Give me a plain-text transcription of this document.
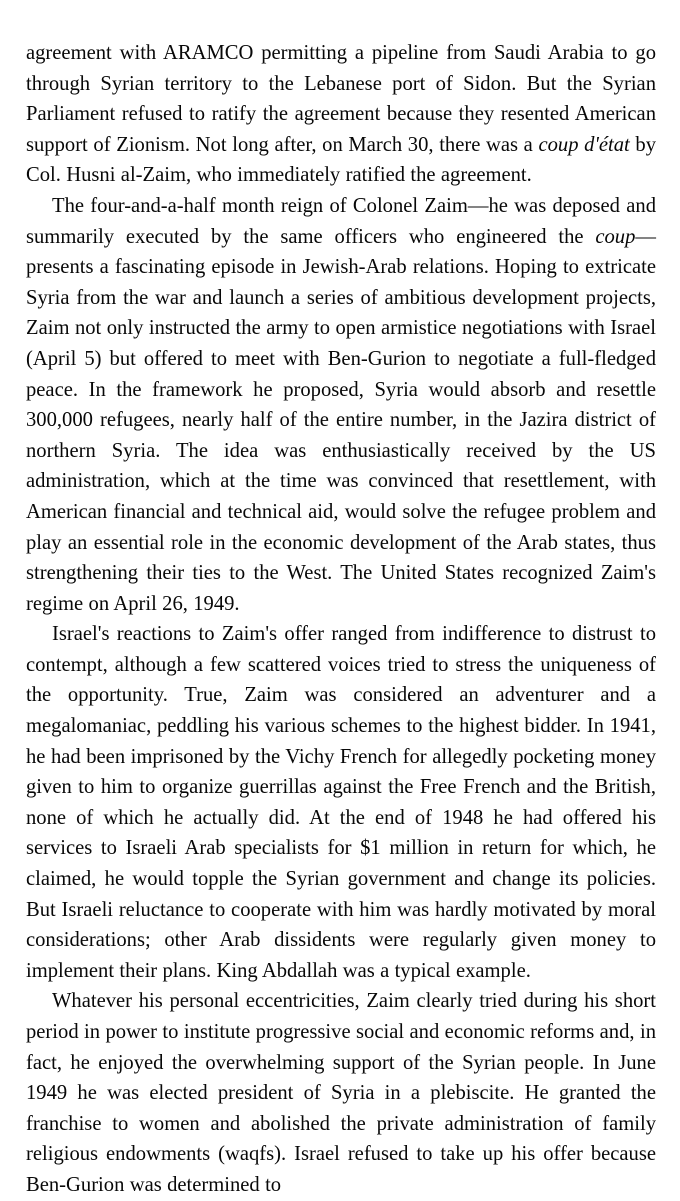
agreement with ARAMCO permitting a pipeline from Saudi Arabia to go through Syrian territory to the Lebanese port of Sidon. But the Syrian Parliament refused to ratify the agreement because they resented American support of Zionism. Not long after, on March 30, there was a coup d'état by Col. Husni al-Zaim, who immediately ratified the agreement.

The four-and-a-half month reign of Colonel Zaim—he was deposed and summarily executed by the same officers who engineered the coup—presents a fascinating episode in Jewish-Arab relations. Hoping to extricate Syria from the war and launch a series of ambitious development projects, Zaim not only instructed the army to open armistice negotiations with Israel (April 5) but offered to meet with Ben-Gurion to negotiate a full-fledged peace. In the framework he proposed, Syria would absorb and resettle 300,000 refugees, nearly half of the entire number, in the Jazira district of northern Syria. The idea was enthusiastically received by the US administration, which at the time was convinced that resettlement, with American financial and technical aid, would solve the refugee problem and play an essential role in the economic development of the Arab states, thus strengthening their ties to the West. The United States recognized Zaim's regime on April 26, 1949.

Israel's reactions to Zaim's offer ranged from indifference to distrust to contempt, although a few scattered voices tried to stress the uniqueness of the opportunity. True, Zaim was considered an adventurer and a megalomaniac, peddling his various schemes to the highest bidder. In 1941, he had been imprisoned by the Vichy French for allegedly pocketing money given to him to organize guerrillas against the Free French and the British, none of which he actually did. At the end of 1948 he had offered his services to Israeli Arab specialists for $1 million in return for which, he claimed, he would topple the Syrian government and change its policies. But Israeli reluctance to cooperate with him was hardly motivated by moral considerations; other Arab dissidents were regularly given money to implement their plans. King Abdallah was a typical example.

Whatever his personal eccentricities, Zaim clearly tried during his short period in power to institute progressive social and economic reforms and, in fact, he enjoyed the overwhelming support of the Syrian people. In June 1949 he was elected president of Syria in a plebiscite. He granted the franchise to women and abolished the private administration of family religious endowments (waqfs). Israel refused to take up his offer because Ben-Gurion was determined to
